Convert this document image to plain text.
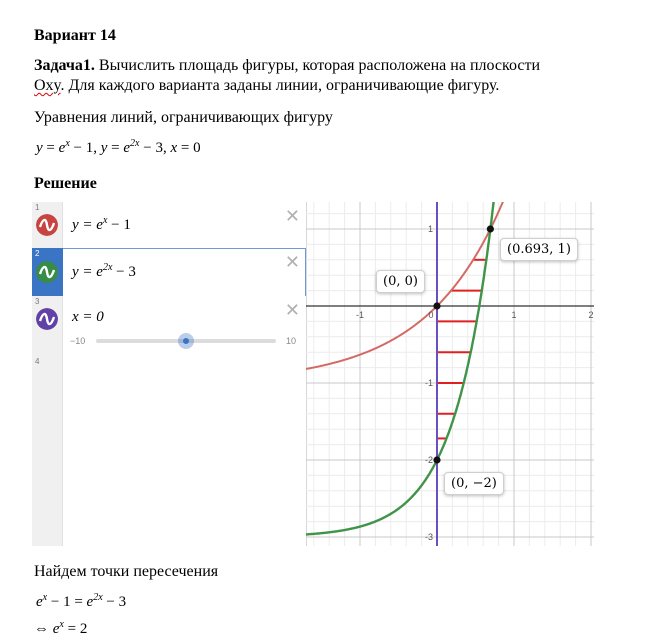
Вариант 14
Задача1. Вычислить площадь фигуры, которая расположена на плоскости
Oxy. Для каждого варианта заданы линии, ограничивающие фигуру.
Уравнения линий, ограничивающих фигуру
$y = e^x - 1$, $y = e^{2x} - 3$, x = 0
Решение
1
$y = e^x - 1$	✕
2
$y = e^{2x} - 3$	✕
3
x = 0	✕
−10	10
4
-1	0	1	2
1
-1
-2
-3
(0, 0)
(0.693, 1)
(0, −2)
Найдем точки пересечения
$e^x - 1 = e^{2x} - 3$
⇔ $e^x = 2$
